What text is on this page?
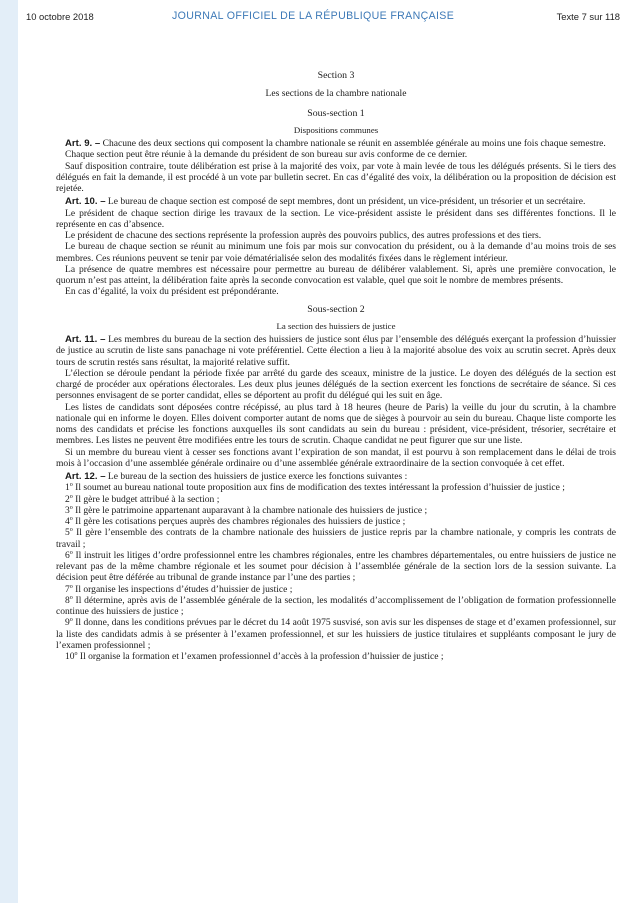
10 octobre 2018	JOURNAL OFFICIEL DE LA RÉPUBLIQUE FRANÇAISE	Texte 7 sur 118
Section 3
Les sections de la chambre nationale
Sous-section 1
Dispositions communes

Art. 9. – Chacune des deux sections qui composent la chambre nationale se réunit en assemblée générale au moins une fois chaque semestre.

Chaque section peut être réunie à la demande du président de son bureau sur avis conforme de ce dernier.

Sauf disposition contraire, toute délibération est prise à la majorité des voix, par vote à main levée de tous les délégués présents. Si le tiers des délégués en fait la demande, il est procédé à un vote par bulletin secret. En cas d’égalité des voix, la délibération ou la proposition de décision est rejetée.

Art. 10. – Le bureau de chaque section est composé de sept membres, dont un président, un vice-président, un trésorier et un secrétaire.

Le président de chaque section dirige les travaux de la section. Le vice-président assiste le président dans ses différentes fonctions. Il le représente en cas d’absence.

Le président de chacune des sections représente la profession auprès des pouvoirs publics, des autres professions et des tiers.

Le bureau de chaque section se réunit au minimum une fois par mois sur convocation du président, ou à la demande d’au moins trois de ses membres. Ces réunions peuvent se tenir par voie dématérialisée selon des modalités fixées dans le règlement intérieur.

La présence de quatre membres est nécessaire pour permettre au bureau de délibérer valablement. Si, après une première convocation, le quorum n’est pas atteint, la délibération faite après la seconde convocation est valable, quel que soit le nombre de membres présents.

En cas d’égalité, la voix du président est prépondérante.

Sous-section 2
La section des huissiers de justice

Art. 11. – Les membres du bureau de la section des huissiers de justice sont élus par l’ensemble des délégués exerçant la profession d’huissier de justice au scrutin de liste sans panachage ni vote préférentiel. Cette élection a lieu à la majorité absolue des voix au scrutin secret. Après deux tours de scrutin restés sans résultat, la majorité relative suffit.

L’élection se déroule pendant la période fixée par arrêté du garde des sceaux, ministre de la justice. Le doyen des délégués de la section est chargé de procéder aux opérations électorales. Les deux plus jeunes délégués de la section exercent les fonctions de secrétaire de séance. Si ces personnes envisagent de se porter candidat, elles se déportent au profit du délégué qui les suit en âge.

Les listes de candidats sont déposées contre récépissé, au plus tard à 18 heures (heure de Paris) la veille du jour du scrutin, à la chambre nationale qui en informe le doyen. Elles doivent comporter autant de noms que de sièges à pourvoir au sein du bureau. Chaque liste comporte les noms des candidats et précise les fonctions auxquelles ils sont candidats au sein du bureau : président, vice-président, trésorier, secrétaire et membres. Les listes ne peuvent être modifiées entre les tours de scrutin. Chaque candidat ne peut figurer que sur une liste.

Si un membre du bureau vient à cesser ses fonctions avant l’expiration de son mandat, il est pourvu à son remplacement dans le délai de trois mois à l’occasion d’une assemblée générale ordinaire ou d’une assemblée générale extraordinaire de la section convoquée à cet effet.

Art. 12. – Le bureau de la section des huissiers de justice exerce les fonctions suivantes :

1$^o$ Il soumet au bureau national toute proposition aux fins de modification des textes intéressant la profession d’huissier de justice ;

2$^o$ Il gère le budget attribué à la section ;

3$^o$ Il gère le patrimoine appartenant auparavant à la chambre nationale des huissiers de justice ;

4$^o$ Il gère les cotisations perçues auprès des chambres régionales des huissiers de justice ;

5$^o$ Il gère l’ensemble des contrats de la chambre nationale des huissiers de justice repris par la chambre nationale, y compris les contrats de travail ;

6$^o$ Il instruit les litiges d’ordre professionnel entre les chambres régionales, entre les chambres départementales, ou entre huissiers de justice ne relevant pas de la même chambre régionale et les soumet pour décision à l’assemblée générale de la section lors de la session suivante. La décision peut être déférée au tribunal de grande instance par l’une des parties ;

7$^o$ Il organise les inspections d’études d’huissier de justice ;

8$^o$ Il détermine, après avis de l’assemblée générale de la section, les modalités d’accomplissement de l’obligation de formation professionnelle continue des huissiers de justice ;

9$^o$ Il donne, dans les conditions prévues par le décret du 14 août 1975 susvisé, son avis sur les dispenses de stage et d’examen professionnel, sur la liste des candidats admis à se présenter à l’examen professionnel, et sur les huissiers de justice titulaires et suppléants composant le jury de l’examen professionnel ;

10$^o$ Il organise la formation et l’examen professionnel d’accès à la profession d’huissier de justice ;
